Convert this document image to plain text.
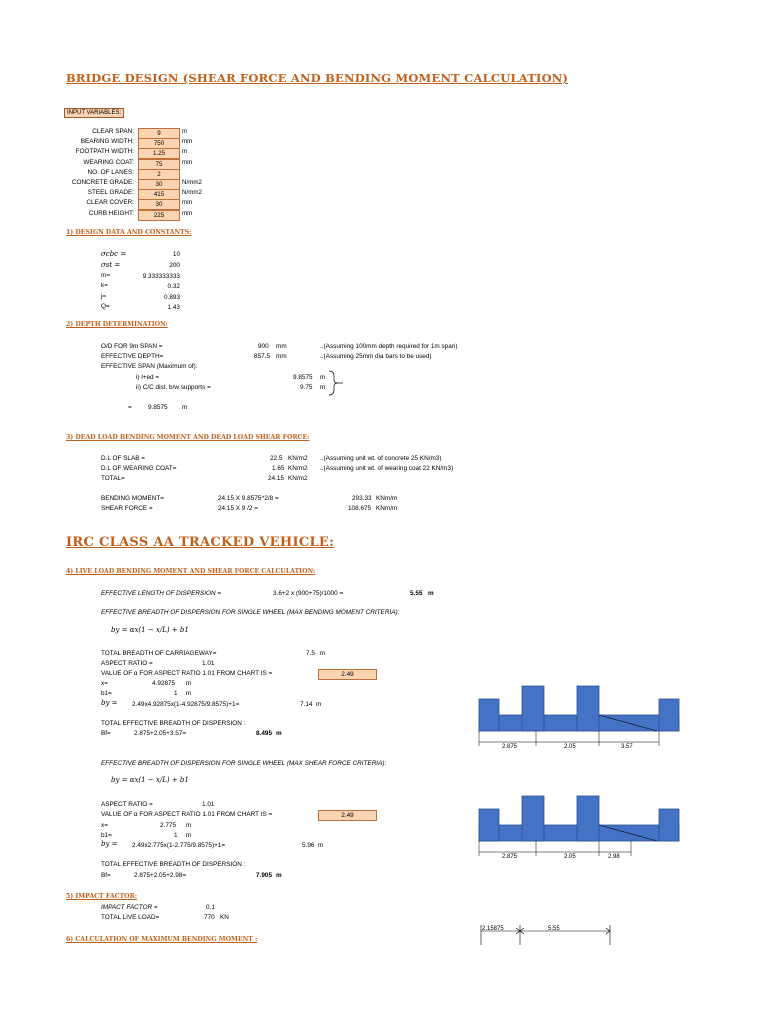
BRIDGE DESIGN (SHEAR FORCE AND BENDING MOMENT CALCULATION)
INPUT VARIABLES:
CLEAR SPAN:	9	m
BEARING WIDTH:	750	mm
FOOTPATH WIDTH:	1.25	m
WEARING COAT:	75	mm
NO. OF LANES:	2
CONCRETE GRADE:	30	N/mm2
STEEL GRADE:	415	N/mm2
CLEAR COVER:	30	mm
CURB HEIGHT:	225	mm
1) DESIGN DATA AND CONSTANTS:
σcbc =	10
σst =	200
m=	9.333333333
k=	0.32
j=	0.893
Q=	1.43
2) DEPTH DETERMINATION:
O/D FOR 9m SPAN =	900 mm	..(Assuming 100mm depth required for 1m span)
EFFECTIVE DEPTH=	857.5 mm	..(Assuming 25mm dia bars to be used)
EFFECTIVE SPAN (Maximum of):
i) l+ed =	9.8575 m
ii) C/C dist. b/w supports =	9.75 m
=	9.8575 m
3) DEAD LOAD BENDING MOMENT AND DEAD LOAD SHEAR FORCE:
D.L OF SLAB =	22.5 KN/m2 ..(Assuming unit wt. of concrete 25 KN/m3)
D.L OF WEARING COAT=	1.65 KN/m2 ..(Assuming unit wt. of wearing coat 22 KN/m3)
TOTAL=	24.15 KN/m2
BENDING MOMENT=	24.15 X 9.8575^2/8 =	293.33 KNm/m
SHEAR FORCE =	24.15 X 9 /2 =	108.675 KNm/m
IRC CLASS AA TRACKED VEHICLE:
4) LIVE LOAD BENDING MOMENT AND SHEAR FORCE CALCULATION:
EFFECTIVE LENGTH OF DISPERSION =	3.6+2 x (900+75)/1000 =	5.55 m
EFFECTIVE BREADTH OF DISPERSION FOR SINGLE WHEEL (MAX BENDING MOMENT CRITERIA):
by = αx(1 − x/L) + b1
TOTAL BREADTH OF CARRIAGEWAY=	7.5 m
ASPECT RATIO =	1.01
VALUE OF α FOR ASPECT RATIO 1.01 FROM CHART IS =	2.49
x=	4.92875 m
b1=	1 m
by = 2.49x4.92875x(1-4.92875/9.8575)+1=	7.14 m
TOTAL EFFECTIVE BREADTH OF DISPERSION :
Bf=	2.875+2.05+3.57=	8.495 m
EFFECTIVE BREADTH OF DISPERSION FOR SINGLE WHEEL (MAX SHEAR FORCE CRITERIA):
by = αx(1 − x/L) + b1
ASPECT RATIO =	1.01
VALUE OF α FOR ASPECT RATIO 1.01 FROM CHART IS =	2.49
x=	2.775 m
b1=	1 m
by = 2.49x2.775x(1-2.775/9.8575)+1=	5.96 m
TOTAL EFFECTIVE BREADTH OF DISPERSION :
Bf=	2.875+2.05+2.98=	7.905 m
2.875	2.05	3.57
2.875	2.05	2.98
5) IMPACT FACTOR:
IMPACT FACTOR =	0.1
TOTAL LIVE LOAD=	770 KN
2.15875	5.55
6) CALCULATION OF MAXIMUM BENDING MOMENT :
